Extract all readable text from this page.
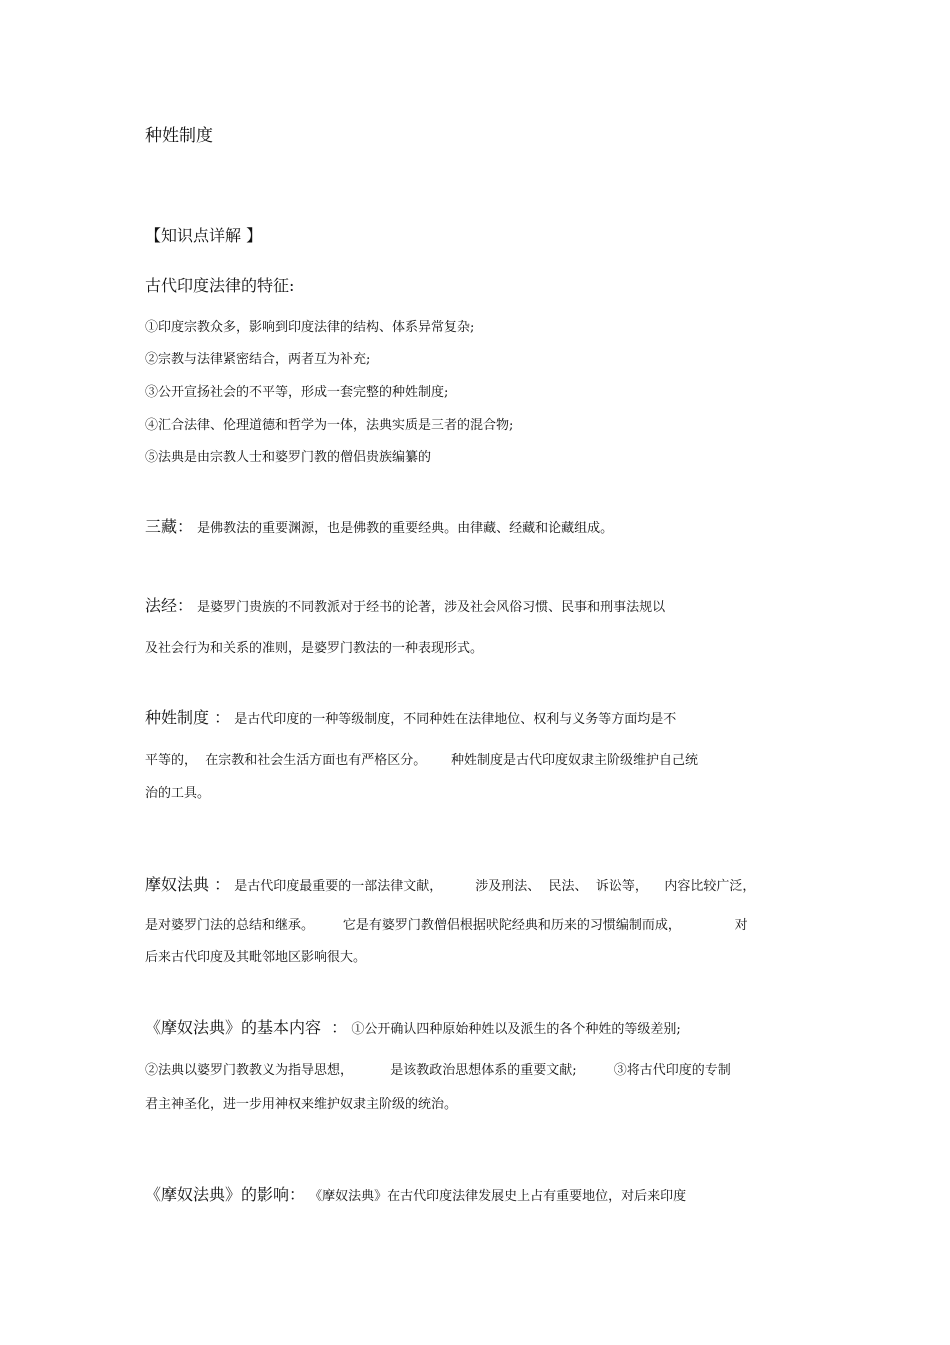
种姓制度
【知识点详解 】
古代印度法律的特征:
①印度宗教众多，影响到印度法律的结构、体系异常复杂;
②宗教与法律紧密结合，两者互为补充;
③公开宣扬社会的不平等，形成一套完整的种姓制度;
④汇合法律、伦理道德和哲学为一体，法典实质是三者的混合物;
⑤法典是由宗教人士和婆罗门教的僧侣贵族编纂的
三藏： 是佛教法的重要渊源，也是佛教的重要经典。由律藏、经藏和论藏组成。
法经： 是婆罗门贵族的不同教派对于经书的论著，涉及社会风俗习惯、民事和刑事法规以
及社会行为和关系的准则，是婆罗门教法的一种表现形式。
种姓制度 ： 是古代印度的一种等级制度，不同种姓在法律地位、权利与义务等方面均是不
平等的，  在宗教和社会生活方面也有严格区分。      种姓制度是古代印度奴隶主阶级维护自己统
治的工具。
摩奴法典 ： 是古代印度最重要的一部法律文献，        涉及刑法、  民法、  诉讼等，    内容比较广泛，
是对婆罗门法的总结和继承。       它是有婆罗门教僧侣根据吠陀经典和历来的习惯编制而成，             对
后来古代印度及其毗邻地区影响很大。
《摩奴法典》的基本内容  ： ①公开确认四种原始种姓以及派生的各个种姓的等级差别;
②法典以婆罗门教教义为指导思想，         是该教政治思想体系的重要文献;         ③将古代印度的专制
君主神圣化，进一步用神权来维护奴隶主阶级的统治。
《摩奴法典》的影响： 《摩奴法典》在古代印度法律发展史上占有重要地位，对后来印度
